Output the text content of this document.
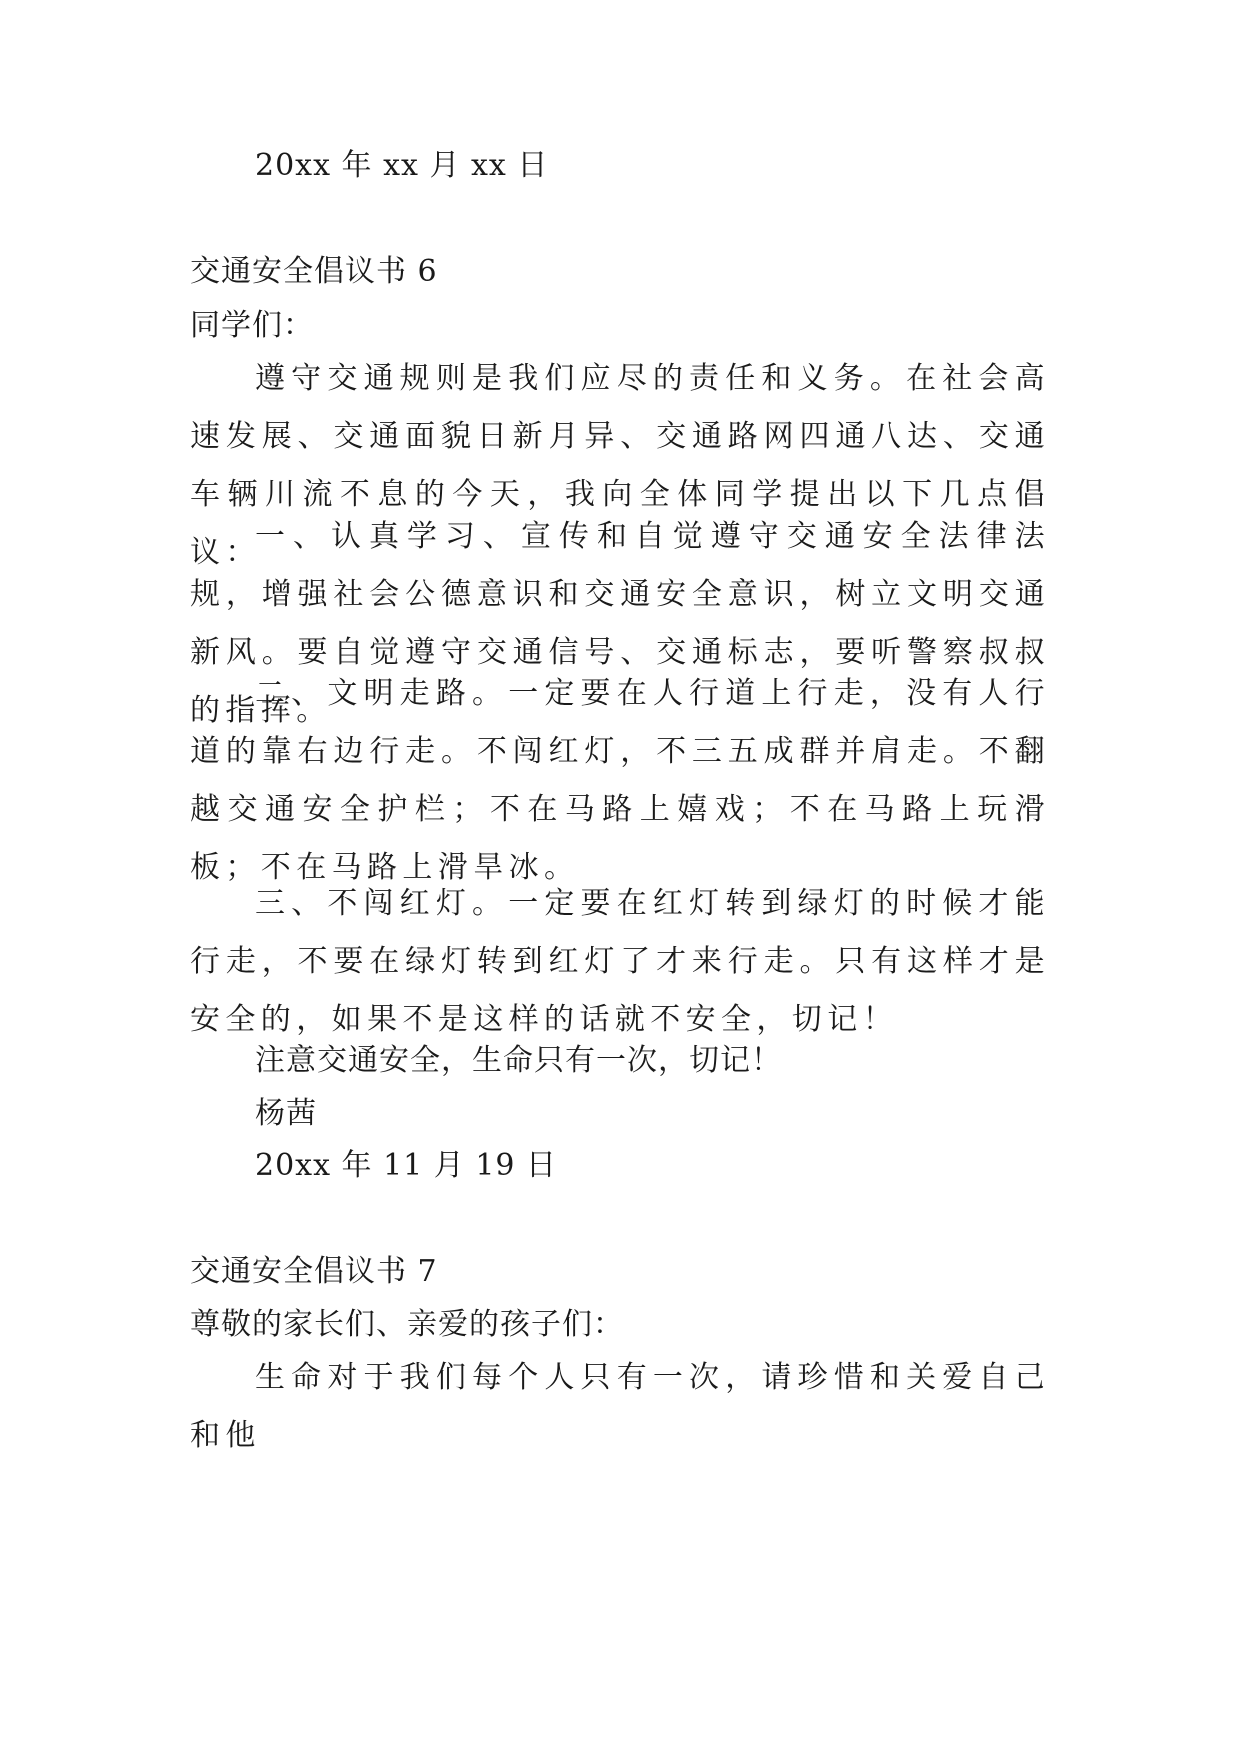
20xx 年 xx 月 xx 日
交通安全倡议书 6
同学们：
遵守交通规则是我们应尽的责任和义务。在社会高速发展、交通面貌日新月异、交通路网四通八达、交通车辆川流不息的今天，我向全体同学提出以下几点倡议：
一、认真学习、宣传和自觉遵守交通安全法律法规，增强社会公德意识和交通安全意识，树立文明交通新风。要自觉遵守交通信号、交通标志，要听警察叔叔的指挥。
二、文明走路。一定要在人行道上行走，没有人行道的靠右边行走。不闯红灯，不三五成群并肩走。不翻越交通安全护栏；不在马路上嬉戏；不在马路上玩滑板；不在马路上滑旱冰。
三、不闯红灯。一定要在红灯转到绿灯的时候才能行走，不要在绿灯转到红灯了才来行走。只有这样才是安全的，如果不是这样的话就不安全，切记！
注意交通安全，生命只有一次，切记！
杨茜
20xx 年 11 月 19 日
交通安全倡议书 7
尊敬的家长们、亲爱的孩子们：
生命对于我们每个人只有一次，请珍惜和关爱自己和他
